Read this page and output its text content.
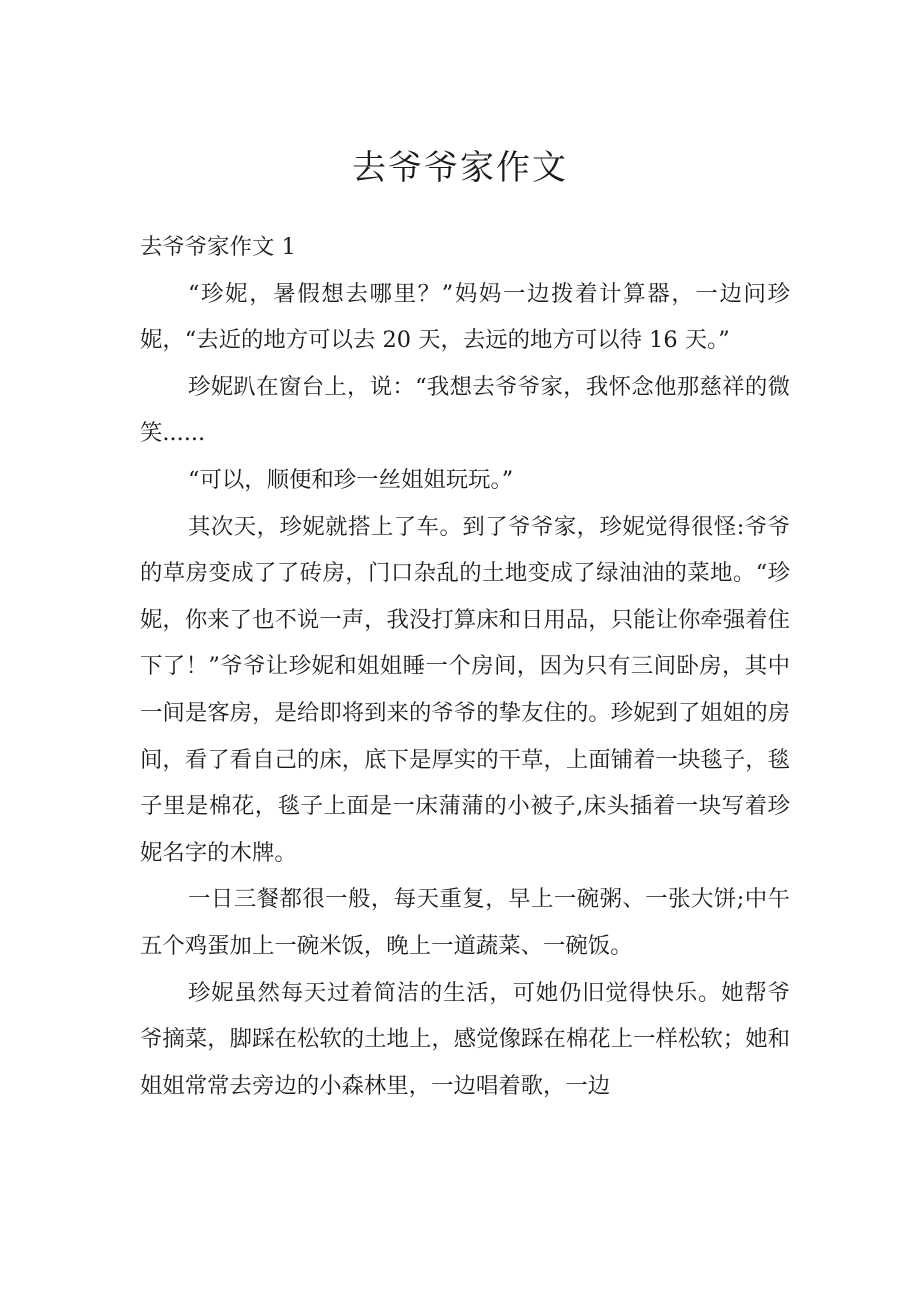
去爷爷家作文

去爷爷家作文 1

“珍妮，暑假想去哪里？”妈妈一边拨着计算器，一边问珍妮，“去近的地方可以去 20 天，去远的地方可以待 16 天。”

珍妮趴在窗台上，说：“我想去爷爷家，我怀念他那慈祥的微笑......

“可以，顺便和珍一丝姐姐玩玩。”

其次天，珍妮就搭上了车。到了爷爷家，珍妮觉得很怪:爷爷的草房变成了了砖房，门口杂乱的土地变成了绿油油的菜地。“珍妮，你来了也不说一声，我没打算床和日用品，只能让你牵强着住下了！”爷爷让珍妮和姐姐睡一个房间，因为只有三间卧房，其中一间是客房，是给即将到来的爷爷的挚友住的。珍妮到了姐姐的房间，看了看自己的床，底下是厚实的干草，上面铺着一块毯子，毯子里是棉花，毯子上面是一床蒲蒲的小被子,床头插着一块写着珍妮名字的木牌。

一日三餐都很一般，每天重复，早上一碗粥、一张大饼;中午五个鸡蛋加上一碗米饭，晚上一道蔬菜、一碗饭。

珍妮虽然每天过着简洁的生活，可她仍旧觉得快乐。她帮爷爷摘菜，脚踩在松软的土地上，感觉像踩在棉花上一样松软；她和姐姐常常去旁边的小森林里，一边唱着歌，一边
